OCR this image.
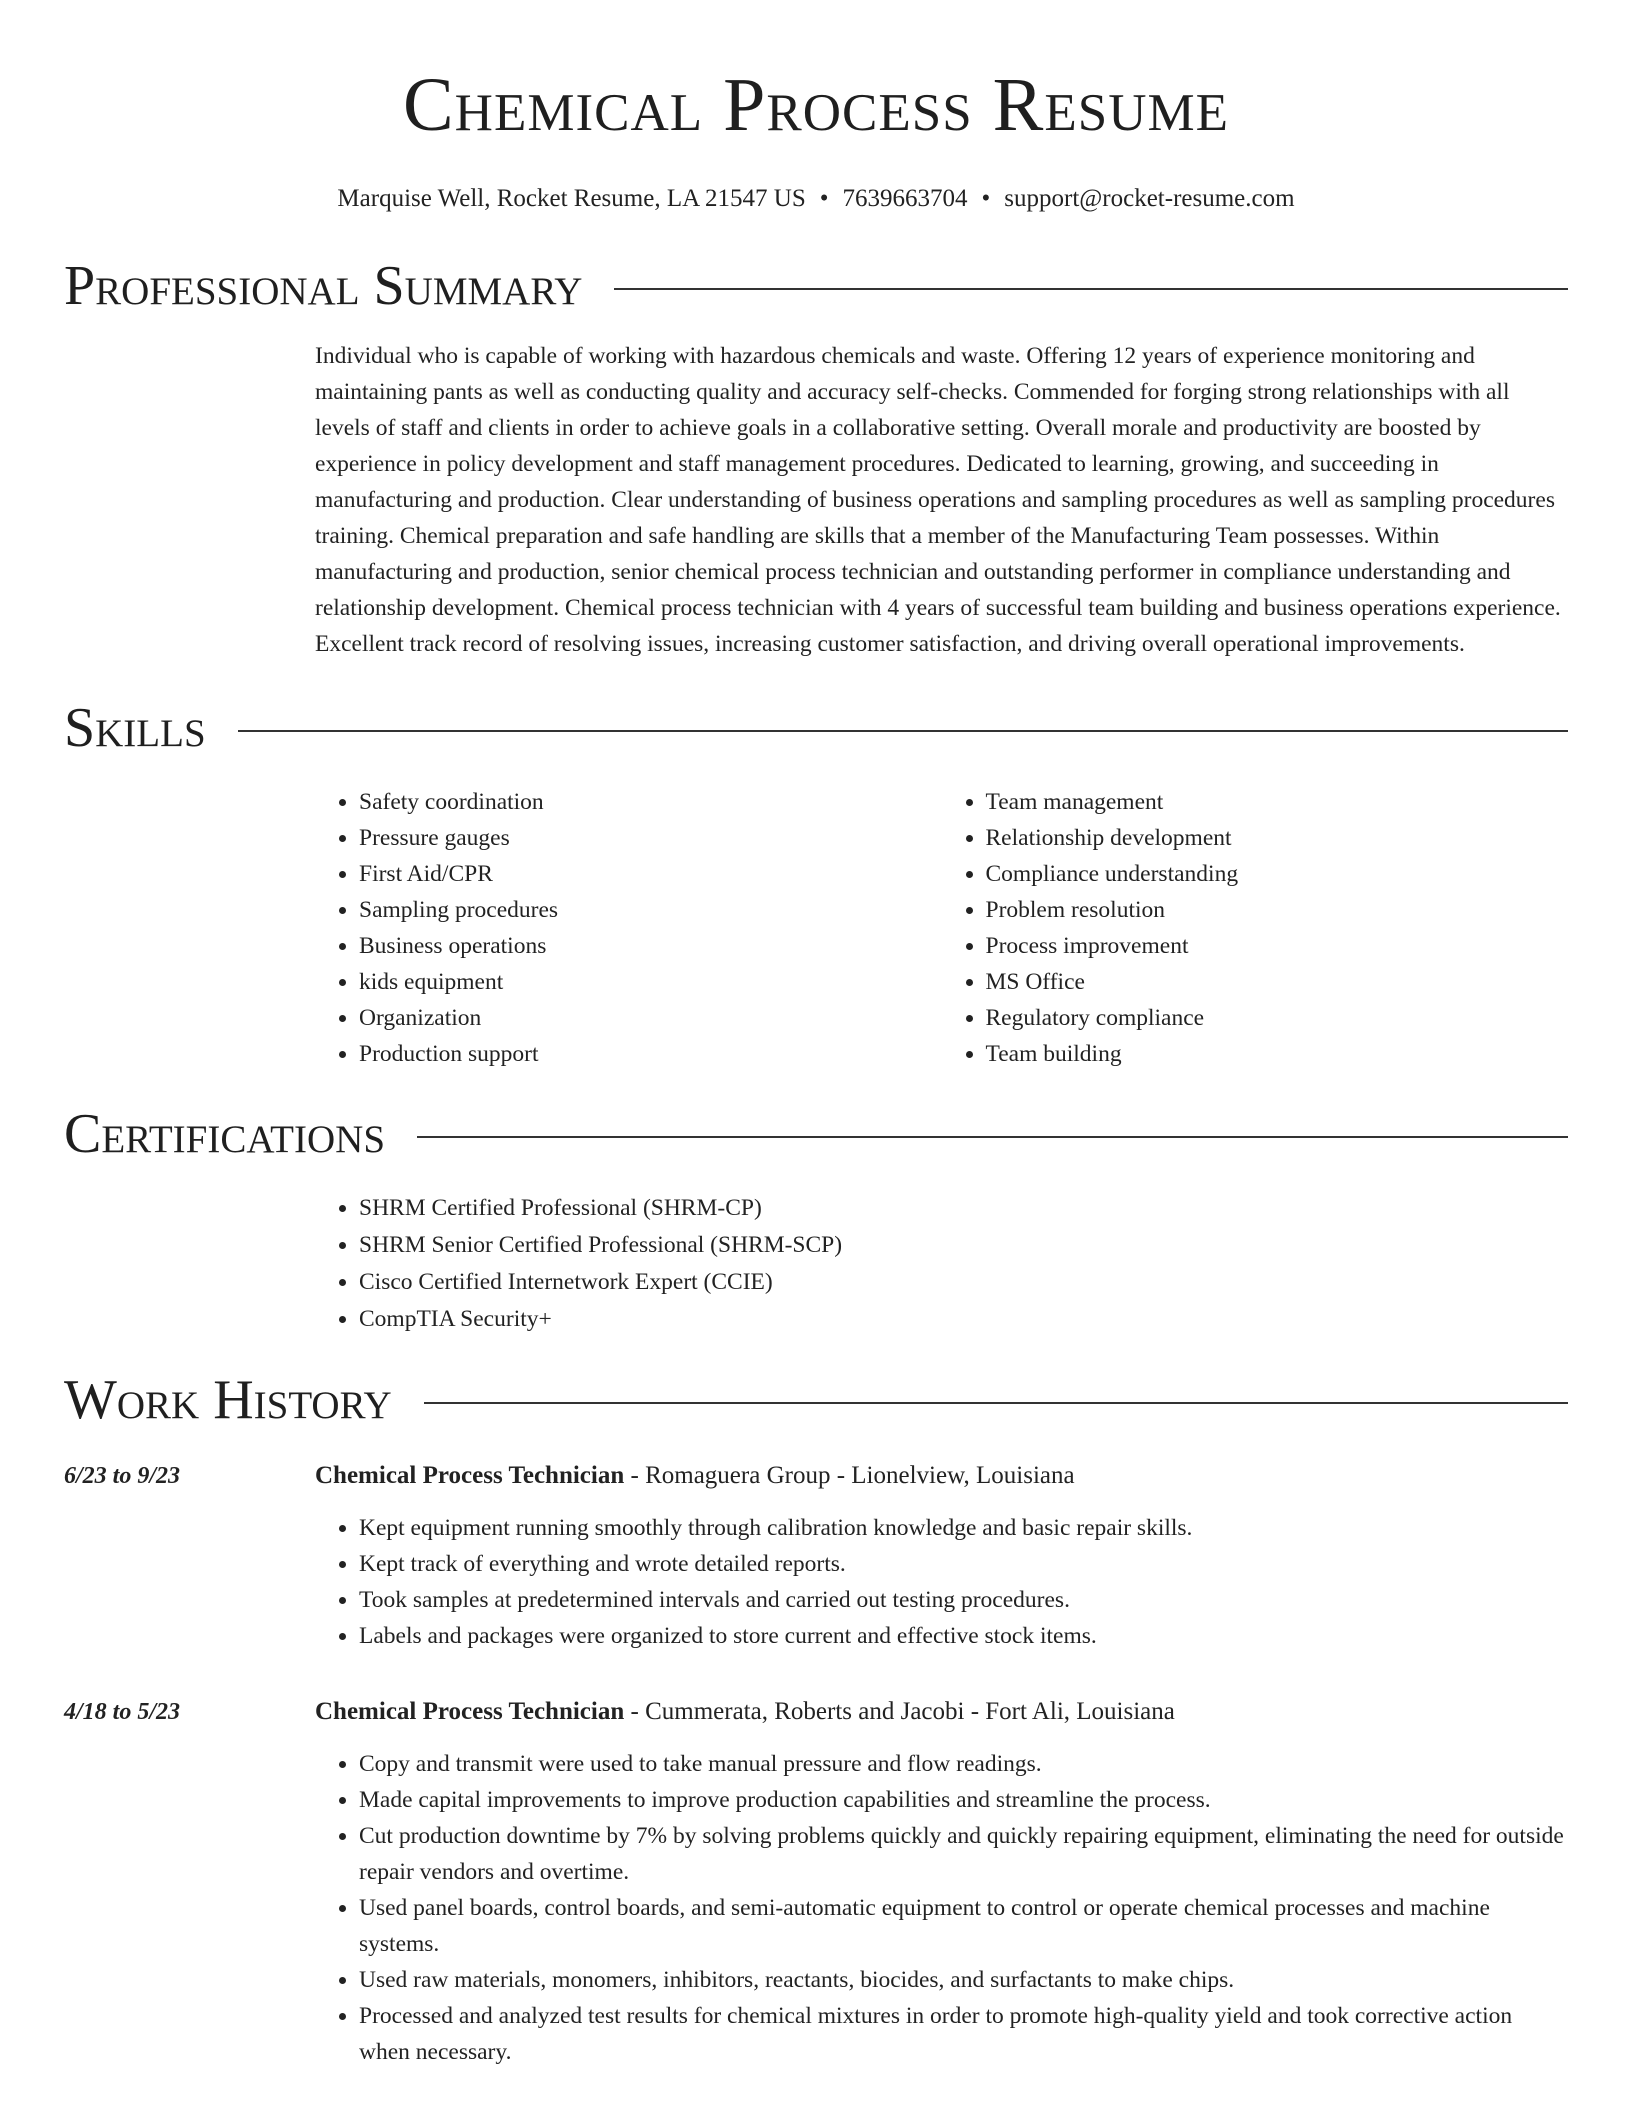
Chemical Process Resume
Marquise Well, Rocket Resume, LA 21547 US • 7639663704 • support@rocket-resume.com
Professional Summary
Individual who is capable of working with hazardous chemicals and waste. Offering 12 years of experience monitoring and maintaining pants as well as conducting quality and accuracy self-checks. Commended for forging strong relationships with all levels of staff and clients in order to achieve goals in a collaborative setting. Overall morale and productivity are boosted by experience in policy development and staff management procedures. Dedicated to learning, growing, and succeeding in manufacturing and production. Clear understanding of business operations and sampling procedures as well as sampling procedures training. Chemical preparation and safe handling are skills that a member of the Manufacturing Team possesses. Within manufacturing and production, senior chemical process technician and outstanding performer in compliance understanding and relationship development. Chemical process technician with 4 years of successful team building and business operations experience. Excellent track record of resolving issues, increasing customer satisfaction, and driving overall operational improvements.
Skills
• Safety coordination
• Pressure gauges
• First Aid/CPR
• Sampling procedures
• Business operations
• kids equipment
• Organization
• Production support
• Team management
• Relationship development
• Compliance understanding
• Problem resolution
• Process improvement
• MS Office
• Regulatory compliance
• Team building
Certifications
• SHRM Certified Professional (SHRM-CP)
• SHRM Senior Certified Professional (SHRM-SCP)
• Cisco Certified Internetwork Expert (CCIE)
• CompTIA Security+
Work History
6/23 to 9/23	Chemical Process Technician - Romaguera Group - Lionelview, Louisiana
• Kept equipment running smoothly through calibration knowledge and basic repair skills.
• Kept track of everything and wrote detailed reports.
• Took samples at predetermined intervals and carried out testing procedures.
• Labels and packages were organized to store current and effective stock items.
4/18 to 5/23	Chemical Process Technician - Cummerata, Roberts and Jacobi - Fort Ali, Louisiana
• Copy and transmit were used to take manual pressure and flow readings.
• Made capital improvements to improve production capabilities and streamline the process.
• Cut production downtime by 7% by solving problems quickly and quickly repairing equipment, eliminating the need for outside repair vendors and overtime.
• Used panel boards, control boards, and semi-automatic equipment to control or operate chemical processes and machine systems.
• Used raw materials, monomers, inhibitors, reactants, biocides, and surfactants to make chips.
• Processed and analyzed test results for chemical mixtures in order to promote high-quality yield and took corrective action when necessary.
